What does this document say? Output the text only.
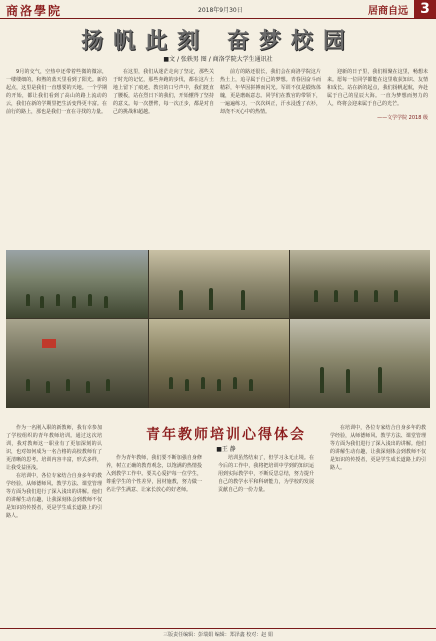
商洛學院	2018年9月30日	居商自远 3
扬帆此刻 奋梦校园
■文 / 张轶男 图 / 商洛学院大学生通讯社

9月的交气，空热中还带着些微的微凉，一缕缕细的，和煦的蓝天里看到了阳光。新的起点，这里是我们一直想要的天地。一个学期的开始，都让我们看到了高山的路上流动的云，我们在新的学期里把生活变得更丰富。在前行的路上，那也是我们一直在寻找的力量。

在这里，我们从迷茫走向了坚定，那些关于时光的记忆，那些奔跑的步伐，都在这片土地上留下了痕迹。教官的口号声中，我们挺直了腰板，站在烈日下的我们，开始懂得了坚持的意义。每一次摆臂，每一次正步，都是对自己的挑战和超越。

前方的路还很长，我们会在商洛学院这片热土上，追寻属于自己的梦想。青春因奋斗而精彩，年华因拼搏而闪光。军训不仅是锻炼体魄，更是磨砺意志。同学们在教官的带领下，一遍遍练习，一次次纠正，汗水浸透了衣衫，却浇不灭心中的热情。

迎新的日子里，我们相聚在这里，畅想未来。愿每一位同学都能在这里收获知识、友情和成长。站在新的起点，我们扬帆起航，奔赴属于自己的星辰大海。一直为梦想而努力的人，终将会迎来属于自己的光芒。

——文学学院 2018 级

作为一名刚入职的新教师，我有幸参加了学校组织的青年教师培训。通过这次培训，我对教师这一职业有了更加深刻的认识，也对如何成为一名合格的高校教师有了更清晰的思考。培训内容丰富，形式多样，让我受益匪浅。

在培训中，各位专家结合自身多年的教学经验，从师德师风、教学方法、课堂管理等方面为我们进行了深入浅出的讲解。他们的讲解生动有趣，让我深刻体会到教师不仅是知识的传授者，更是学生成长道路上的引路人。

作为青年教师，我们要不断加强自身修养，树立正确的教育观念，以饱满的热情投入到教学工作中。要关心爱护每一位学生，尊重学生的个性差异，因材施教，努力做一名让学生满意、让家长放心的好老师。

培训虽然结束了，但学习永无止境。在今后的工作中，我将把培训中学到的知识运用到实际教学中，不断反思总结，努力提升自己的教学水平和科研能力，为学校的发展贡献自己的一份力量。

在培训中，各位专家结合自身多年的教学经验，从师德师风、教学方法、课堂管理等方面为我们进行了深入浅出的讲解。他们的讲解生动有趣，让我深刻体会到教师不仅是知识的传授者，更是学生成长道路上的引路人。

青年教师培训心得体会
■王 静
三版责任编辑：彭瑞娟 编辑：郑泽鑫 校对：赵 娟
